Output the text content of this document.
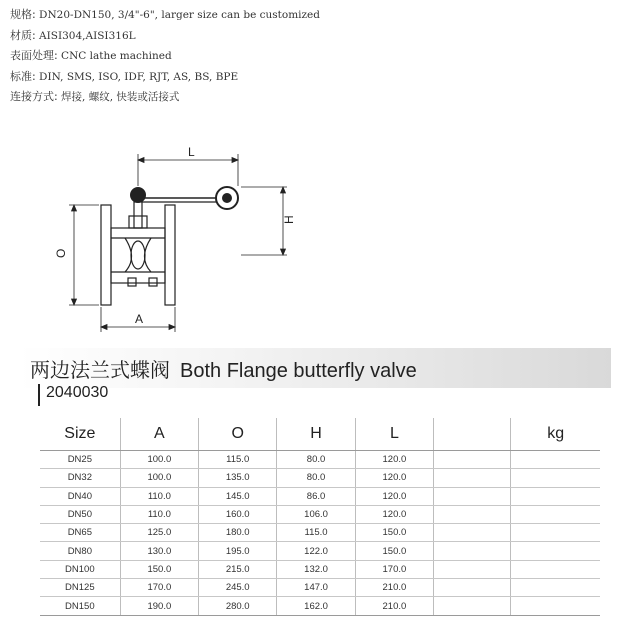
规格: DN20-DN150, 3/4"-6", larger size can be customized
材质: AISI304,AISI316L
表面处理: CNC lathe machined
标准: DIN, SMS, ISO, IDF, RJT, AS, BS, BPE
连接方式: 焊接, 螺纹, 快装或活接式
L
H
O
A
两边法兰式蝶阀 Both Flange butterfly valve
2040030
Size	A	O	H	L		kg
DN25	100.0	115.0	80.0	120.0		
DN32	100.0	135.0	80.0	120.0		
DN40	110.0	145.0	86.0	120.0		
DN50	110.0	160.0	106.0	120.0		
DN65	125.0	180.0	115.0	150.0		
DN80	130.0	195.0	122.0	150.0		
DN100	150.0	215.0	132.0	170.0		
DN125	170.0	245.0	147.0	210.0		
DN150	190.0	280.0	162.0	210.0		
